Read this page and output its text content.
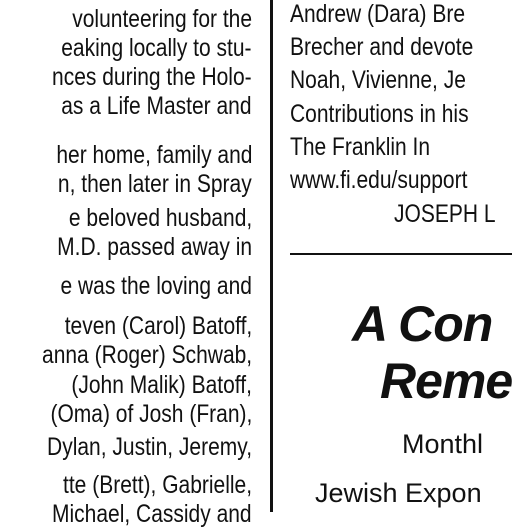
volunteering for the
eaking locally to stu-
nces during the Holo-
as a Life Master and
her home, family and
n, then later in Spray
e beloved husband,
M.D. passed away in
e was the loving and
teven (Carol) Batoff,
anna (Roger) Schwab,
(John Malik) Batoff,
(Oma) of Josh (Fran),
Dylan, Justin, Jeremy,
tte (Brett), Gabrielle,
Michael, Cassidy and
Andrew (Dara) Bre
Brecher and devote
Noah, Vivienne, Je
Contributions in his
The Franklin In
www.fi.edu/support
JOSEPH L
A Con
Reme
Monthl
Jewish Expon
